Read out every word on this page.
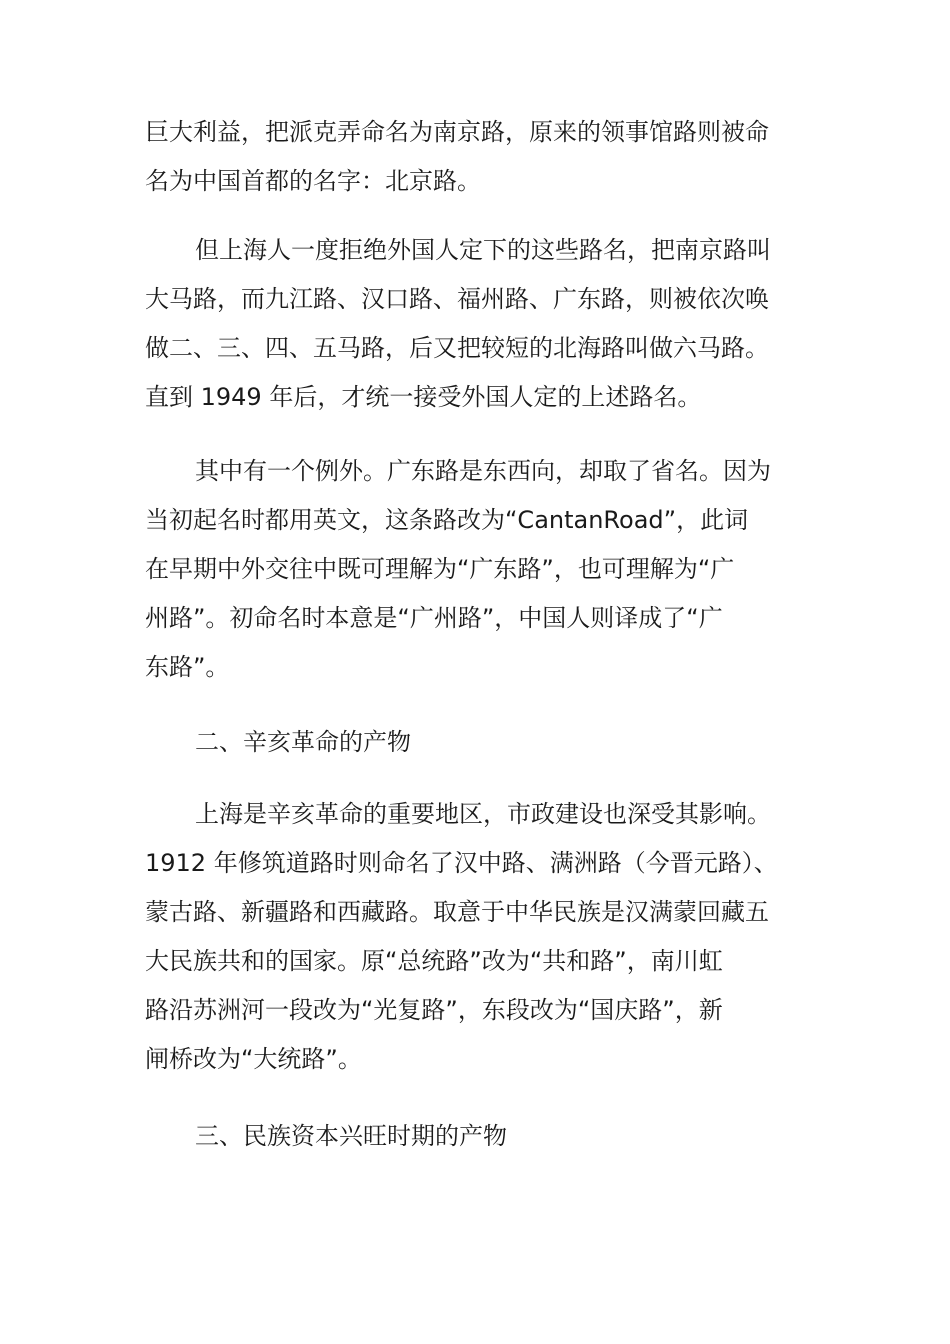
巨大利益，把派克弄命名为南京路，原来的领事馆路则被命
名为中国首都的名字：北京路。
但上海人一度拒绝外国人定下的这些路名，把南京路叫
大马路，而九江路、汉口路、福州路、广东路，则被依次唤
做二、三、四、五马路，后又把较短的北海路叫做六马路。
直到 1949 年后，才统一接受外国人定的上述路名。
其中有一个例外。广东路是东西向，却取了省名。因为
当初起名时都用英文，这条路改为“CantanRoad”，此词
在早期中外交往中既可理解为“广东路”，也可理解为“广
州路”。初命名时本意是“广州路”，中国人则译成了“广
东路”。
二、辛亥革命的产物
上海是辛亥革命的重要地区，市政建设也深受其影响。
1912 年修筑道路时则命名了汉中路、满洲路（今晋元路）、
蒙古路、新疆路和西藏路。取意于中华民族是汉满蒙回藏五
大民族共和的国家。原“总统路”改为“共和路”，南川虹
路沿苏洲河一段改为“光复路”，东段改为“国庆路”，新
闸桥改为“大统路”。
三、民族资本兴旺时期的产物
